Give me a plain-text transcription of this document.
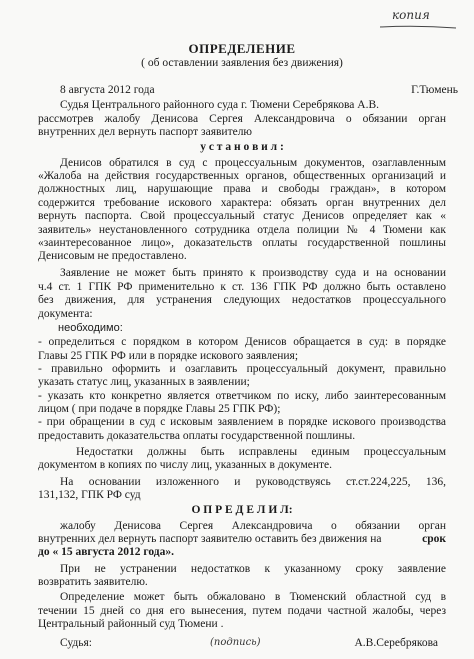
копия
ОПРЕДЕЛЕНИЕ
( об оставлении заявления без движения)
8 августа 2012 года	Г.Тюмень
Судья Центрального районного суда г. Тюмени Серебрякова А.В.
рассмотрев жалобу Денисова Сергея Александровича о обязании орган
внутренних дел вернуть паспорт заявителю
у с т а н о в и л :
Денисов обратился в суд с процессуальным документов, озаглавленным
«Жалоба на действия государственных органов, общественных организаций и
должностных лиц, нарушающие права и свободы граждан», в котором
содержится требование искового характера: обязать орган внутренних дел
вернуть паспорта. Свой процессуальный статус Денисов определяет как «
заявитель» неустановленного сотрудника отдела полиции № 4 Тюмени как
«заинтересованное лицо», доказательств оплаты государственной пошлины
Денисовым не предоставлено.
Заявление не может быть принято к производству суда и на основании
ч.4 ст. 1 ГПК РФ применительно к ст. 136 ГПК РФ должно быть оставлено
без движения, для устранения следующих недостатков процессуального
документа:
необходимо:
- определиться с порядком в котором Денисов обращается в суд: в порядке
Главы 25 ГПК РФ или в порядке искового заявления;
- правильно оформить и озаглавить процессуальный документ, правильно
указать статус лиц, указанных в заявлении;
- указать кто конкретно является ответчиком по иску, либо заинтересованным
лицом ( при подаче в порядке Главы 25 ГПК РФ);
- при обращении в суд с исковым заявлением в порядке искового производства
предоставить доказательства оплаты государственной пошлины.
Недостатки должны быть исправлены единым процессуальным
документом в копиях по числу лиц, указанных в документе.
На основании изложенного и руководствуясь ст.ст.224,225, 136,
131,132, ГПК РФ суд
О П Р Е Д Е Л И Л:
жалобу Денисова Сергея Александровича о обязании орган
внутренних дел вернуть паспорт заявителю оставить без движения на	срок
до « 15 августа 2012 года».
При не устранении недостатков к указанному сроку заявление
возвратить заявителю.
Определение может быть обжаловано в Тюменский областной суд в
течении 15 дней со дня его вынесения, путем подачи частной жалобы, через
Центральный районный суд Тюмени .
Судья:	(подпись)	А.В.Серебрякова
